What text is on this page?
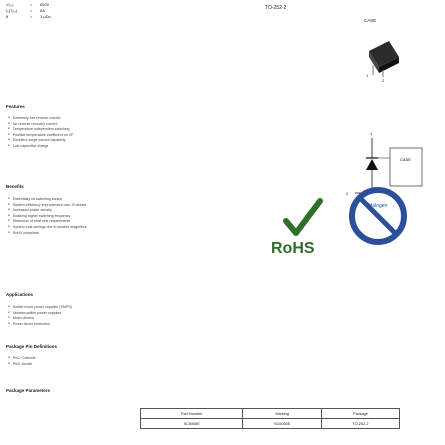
V₀₀₀	=	650V
I₀(T₀₀)	=	6A
θ	=	1 µΩc
TO-252-2
CASE
1
2
Features
● Extremely low reverse current
● No reverse recovery current
● Temperature independent switching
● Positive temperature coefficient on VF
● Excellent surge current capability
● Low capacitive charge
1
2
CASE
Benefits
● Essentially no switching losses
● System efficiency improvement over Si diodes
● Increased power density
● Enabling higher switching frequency
● Reduction of heat sink requirements
● System cost savings due to smaller magnetics
● RoHS compliant
RoHS
Halogen
Applications
● Switch mode power supplies (SMPS)
● Uninterruptible power supplies
● Motor drivers
● Power factor correction
Package Pin Definitions
● Pin1: Cathode
● Pin2: Anode
Package Parameters
Part Number	Marking	Package
SC6065E	SC6065E	TO-252-2
